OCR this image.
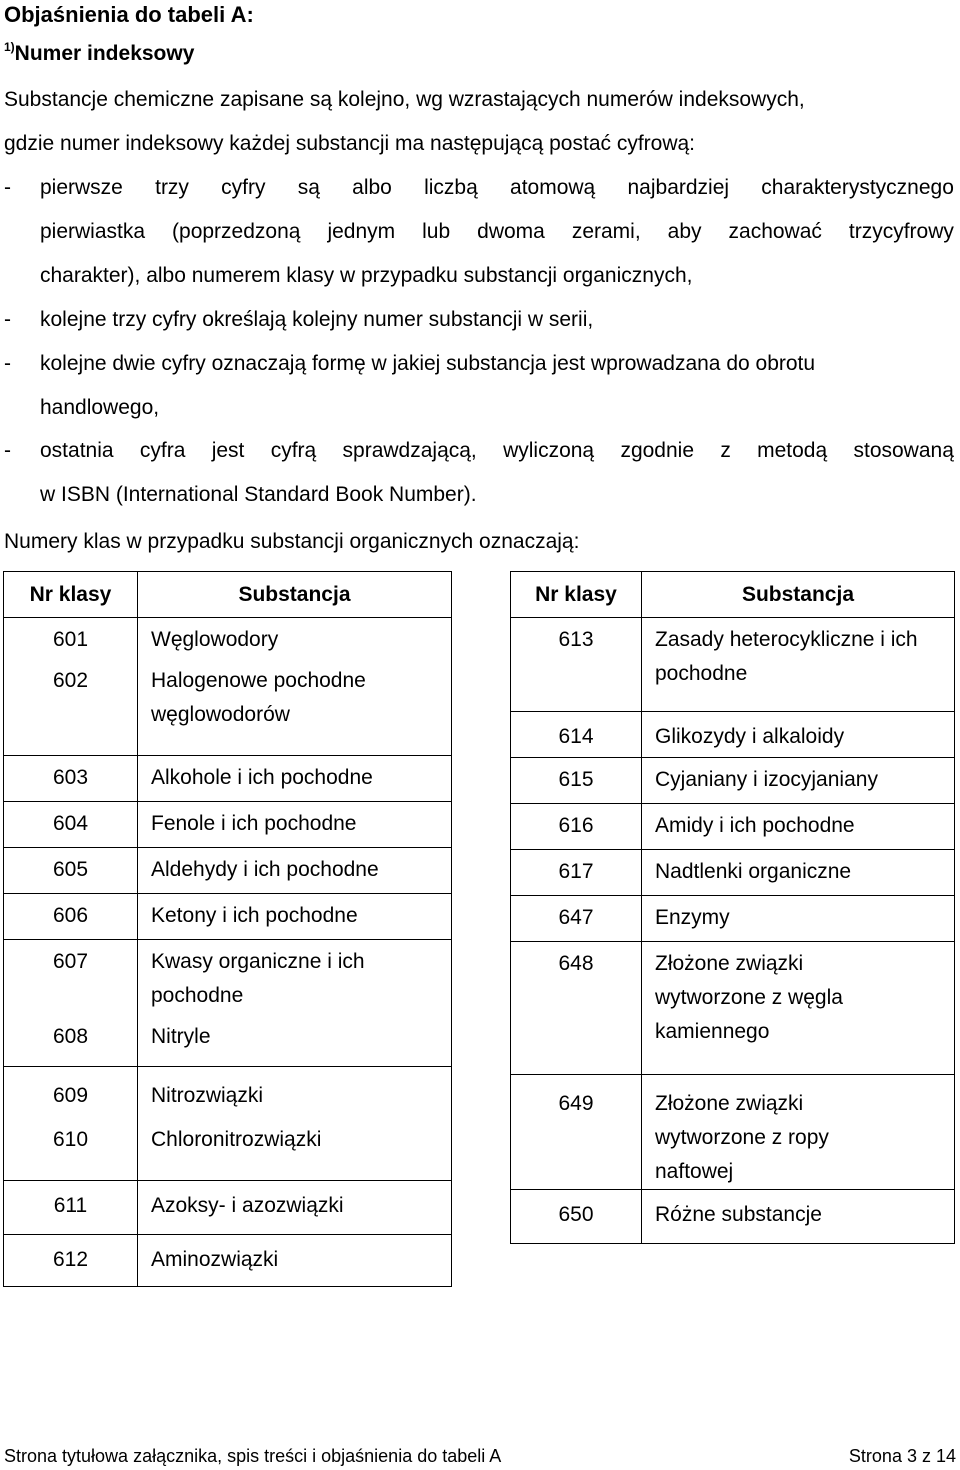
Objaśnienia do tabeli A:
$^{1)}$Numer indeksowy
Substancje chemiczne zapisane są kolejno, wg wzrastających numerów indeksowych,
gdzie numer indeksowy każdej substancji ma następującą postać cyfrową:
- pierwsze trzy cyfry są albo liczbą atomową najbardziej charakterystycznego
pierwiastka (poprzedzoną jednym lub dwoma zerami, aby zachować trzycyfrowy
charakter), albo numerem klasy w przypadku substancji organicznych,
- kolejne trzy cyfry określają kolejny numer substancji w serii,
- kolejne dwie cyfry oznaczają formę w jakiej substancja jest wprowadzana do obrotu
handlowego,
- ostatnia cyfra jest cyfrą sprawdzającą, wyliczoną zgodnie z metodą stosowaną
w ISBN (International Standard Book Number).
Numery klas w przypadku substancji organicznych oznaczają:
Nr klasy	Substancja
601	Węglowodory
602	Halogenowe pochodne węglowodorów

603	Alkohole i ich pochodne
604	Fenole i ich pochodne
605	Aldehydy i ich pochodne
606	Ketony i ich pochodne
607	Kwasy organiczne i ich pochodne

608	Nitryle
609	Nitrozwiązki
610	Chloronitrozwiązki
611	Azoksy- i azozwiązki
612	Aminozwiązki
Nr klasy	Substancja
613	Zasady heterocykliczne i ich pochodne

614	Glikozydy i alkaloidy
615	Cyjaniany i izocyjaniany
616	Amidy i ich pochodne
617	Nadtlenki organiczne
647	Enzymy
648	Złożone związki wytworzone z węgla kamiennego

649	Złożone związki wytworzone z ropy naftowej

650	Różne substancje
Strona tytułowa załącznika, spis treści i objaśnienia do tabeli A	Strona 3 z 14
